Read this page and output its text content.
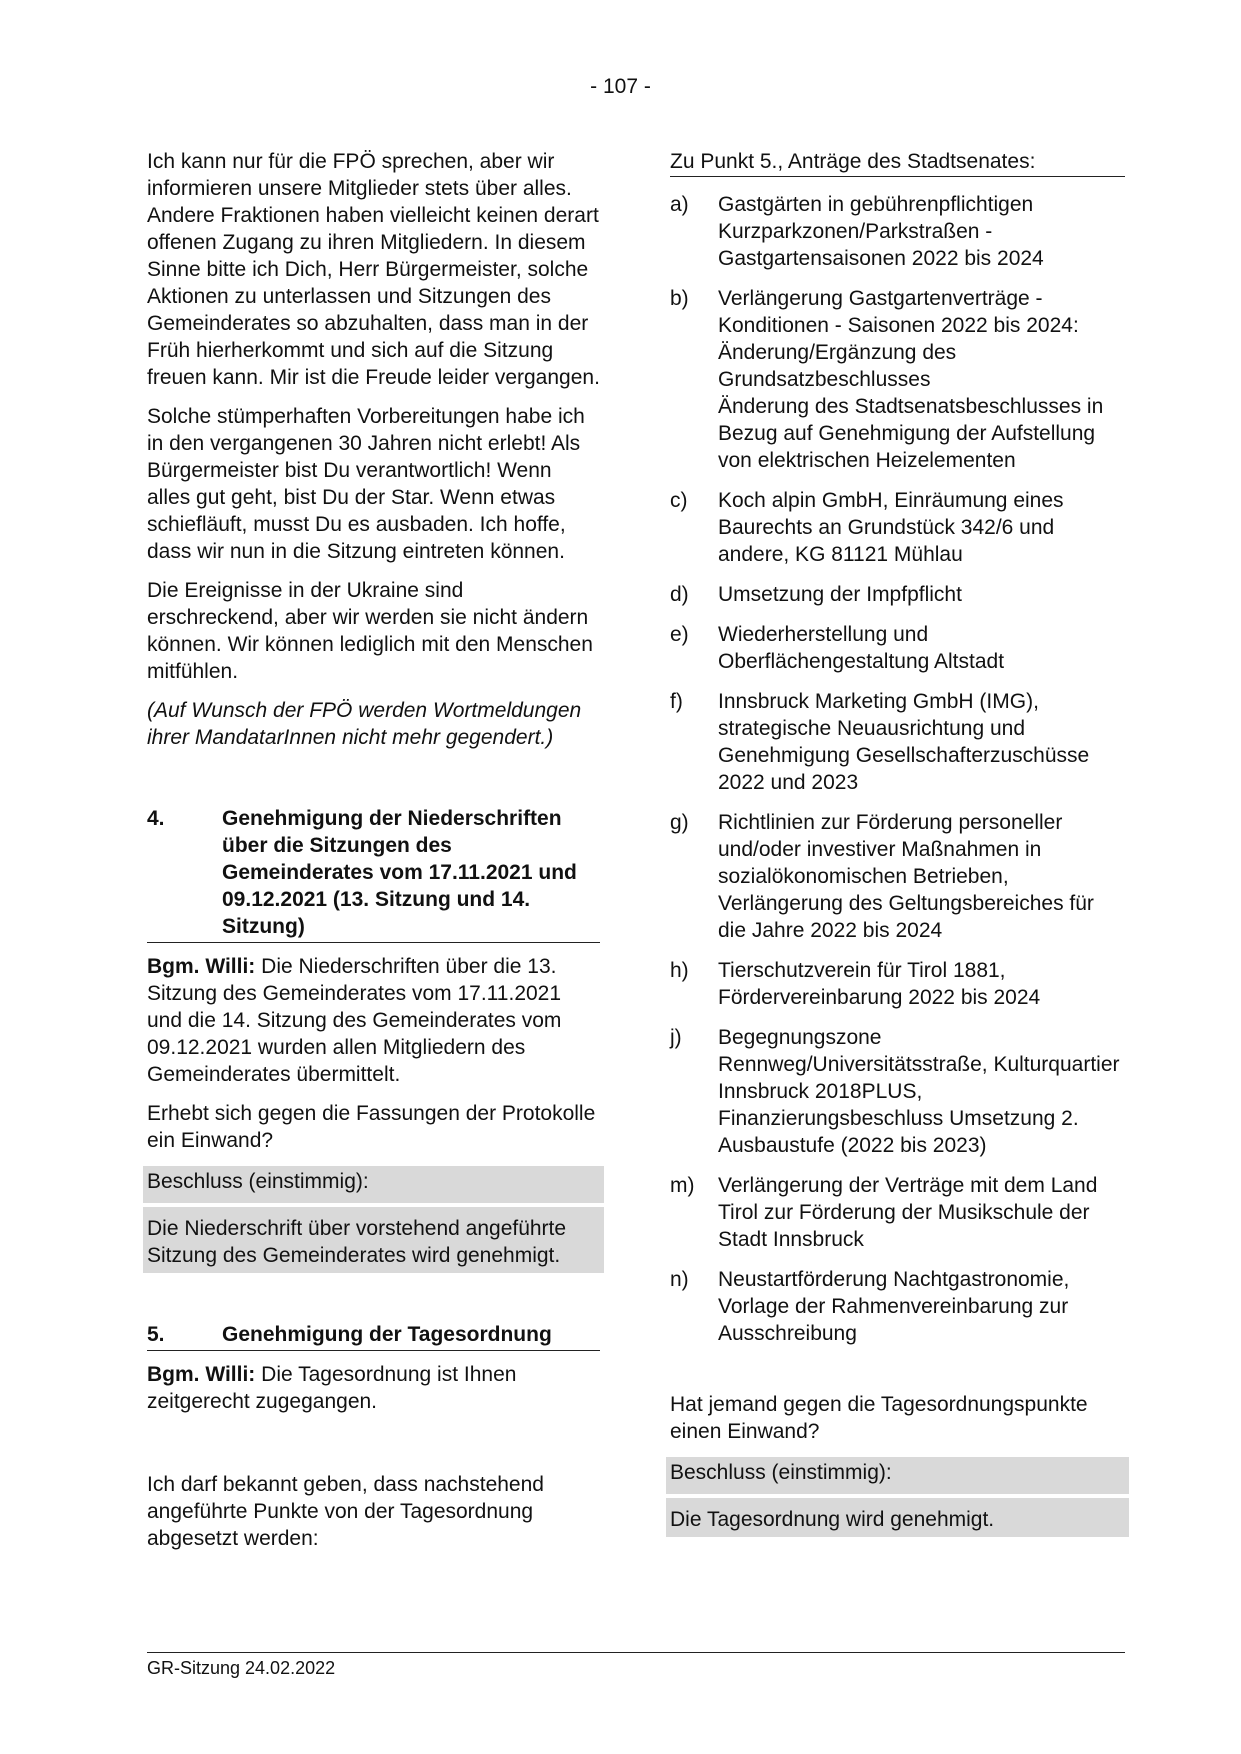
- 107 -

Ich kann nur für die FPÖ sprechen, aber wir informieren unsere Mitglieder stets über alles. Andere Fraktionen haben vielleicht keinen derart offenen Zugang zu ihren Mitgliedern. In diesem Sinne bitte ich Dich, Herr Bürgermeister, solche Aktionen zu unterlassen und Sitzungen des Gemeinderates so abzuhalten, dass man in der Früh hierherkommt und sich auf die Sitzung freuen kann. Mir ist die Freude leider vergangen.

Solche stümperhaften Vorbereitungen habe ich in den vergangenen 30 Jahren nicht erlebt! Als Bürgermeister bist Du verantwortlich! Wenn alles gut geht, bist Du der Star. Wenn etwas schiefläuft, musst Du es ausbaden. Ich hoffe, dass wir nun in die Sitzung eintreten können.

Die Ereignisse in der Ukraine sind erschreckend, aber wir werden sie nicht ändern können. Wir können lediglich mit den Menschen mitfühlen.

(Auf Wunsch der FPÖ werden Wortmeldungen ihrer MandatarInnen nicht mehr gegendert.)

4.	Genehmigung der Niederschriften über die Sitzungen des Gemeinderates vom 17.11.2021 und 09.12.2021 (13. Sitzung und 14. Sitzung)

Bgm. Willi: Die Niederschriften über die 13. Sitzung des Gemeinderates vom 17.11.2021 und die 14. Sitzung des Gemeinderates vom 09.12.2021 wurden allen Mitgliedern des Gemeinderates übermittelt.

Erhebt sich gegen die Fassungen der Protokolle ein Einwand?

Beschluss (einstimmig):
Die Niederschrift über vorstehend angeführte Sitzung des Gemeinderates wird genehmigt.
5.	Genehmigung der Tagesordnung

Bgm. Willi: Die Tagesordnung ist Ihnen zeitgerecht zugegangen.

Ich darf bekannt geben, dass nachstehend angeführte Punkte von der Tagesordnung abgesetzt werden:

Zu Punkt 5., Anträge des Stadtsenates:
a)	Gastgärten in gebührenpflichtigen Kurzparkzonen/Parkstraßen - Gastgartensaisonen 2022 bis 2024
b)	Verlängerung Gastgartenverträge - Konditionen - Saisonen 2022 bis 2024: Änderung/Ergänzung des Grundsatzbeschlusses
Änderung des Stadtsenatsbeschlusses in Bezug auf Genehmigung der Aufstellung von elektrischen Heizelementen
c)	Koch alpin GmbH, Einräumung eines Baurechts an Grundstück 342/6 und andere, KG 81121 Mühlau
d)	Umsetzung der Impfpflicht
e)	Wiederherstellung und Oberflächengestaltung Altstadt
f)	Innsbruck Marketing GmbH (IMG), strategische Neuausrichtung und Genehmigung Gesellschafterzuschüsse 2022 und 2023
g)	Richtlinien zur Förderung personeller und/oder investiver Maßnahmen in sozialökonomischen Betrieben, Verlängerung des Geltungsbereiches für die Jahre 2022 bis 2024
h)	Tierschutzverein für Tirol 1881, Fördervereinbarung 2022 bis 2024
j)	Begegnungszone Rennweg/Universitätsstraße, Kulturquartier Innsbruck 2018PLUS, Finanzierungsbeschluss Umsetzung 2. Ausbaustufe (2022 bis 2023)
m)	Verlängerung der Verträge mit dem Land Tirol zur Förderung der Musikschule der Stadt Innsbruck
n)	Neustartförderung Nachtgastronomie, Vorlage der Rahmenvereinbarung zur Ausschreibung

Hat jemand gegen die Tagesordnungspunkte einen Einwand?

Beschluss (einstimmig):
Die Tagesordnung wird genehmigt.
GR-Sitzung 24.02.2022
